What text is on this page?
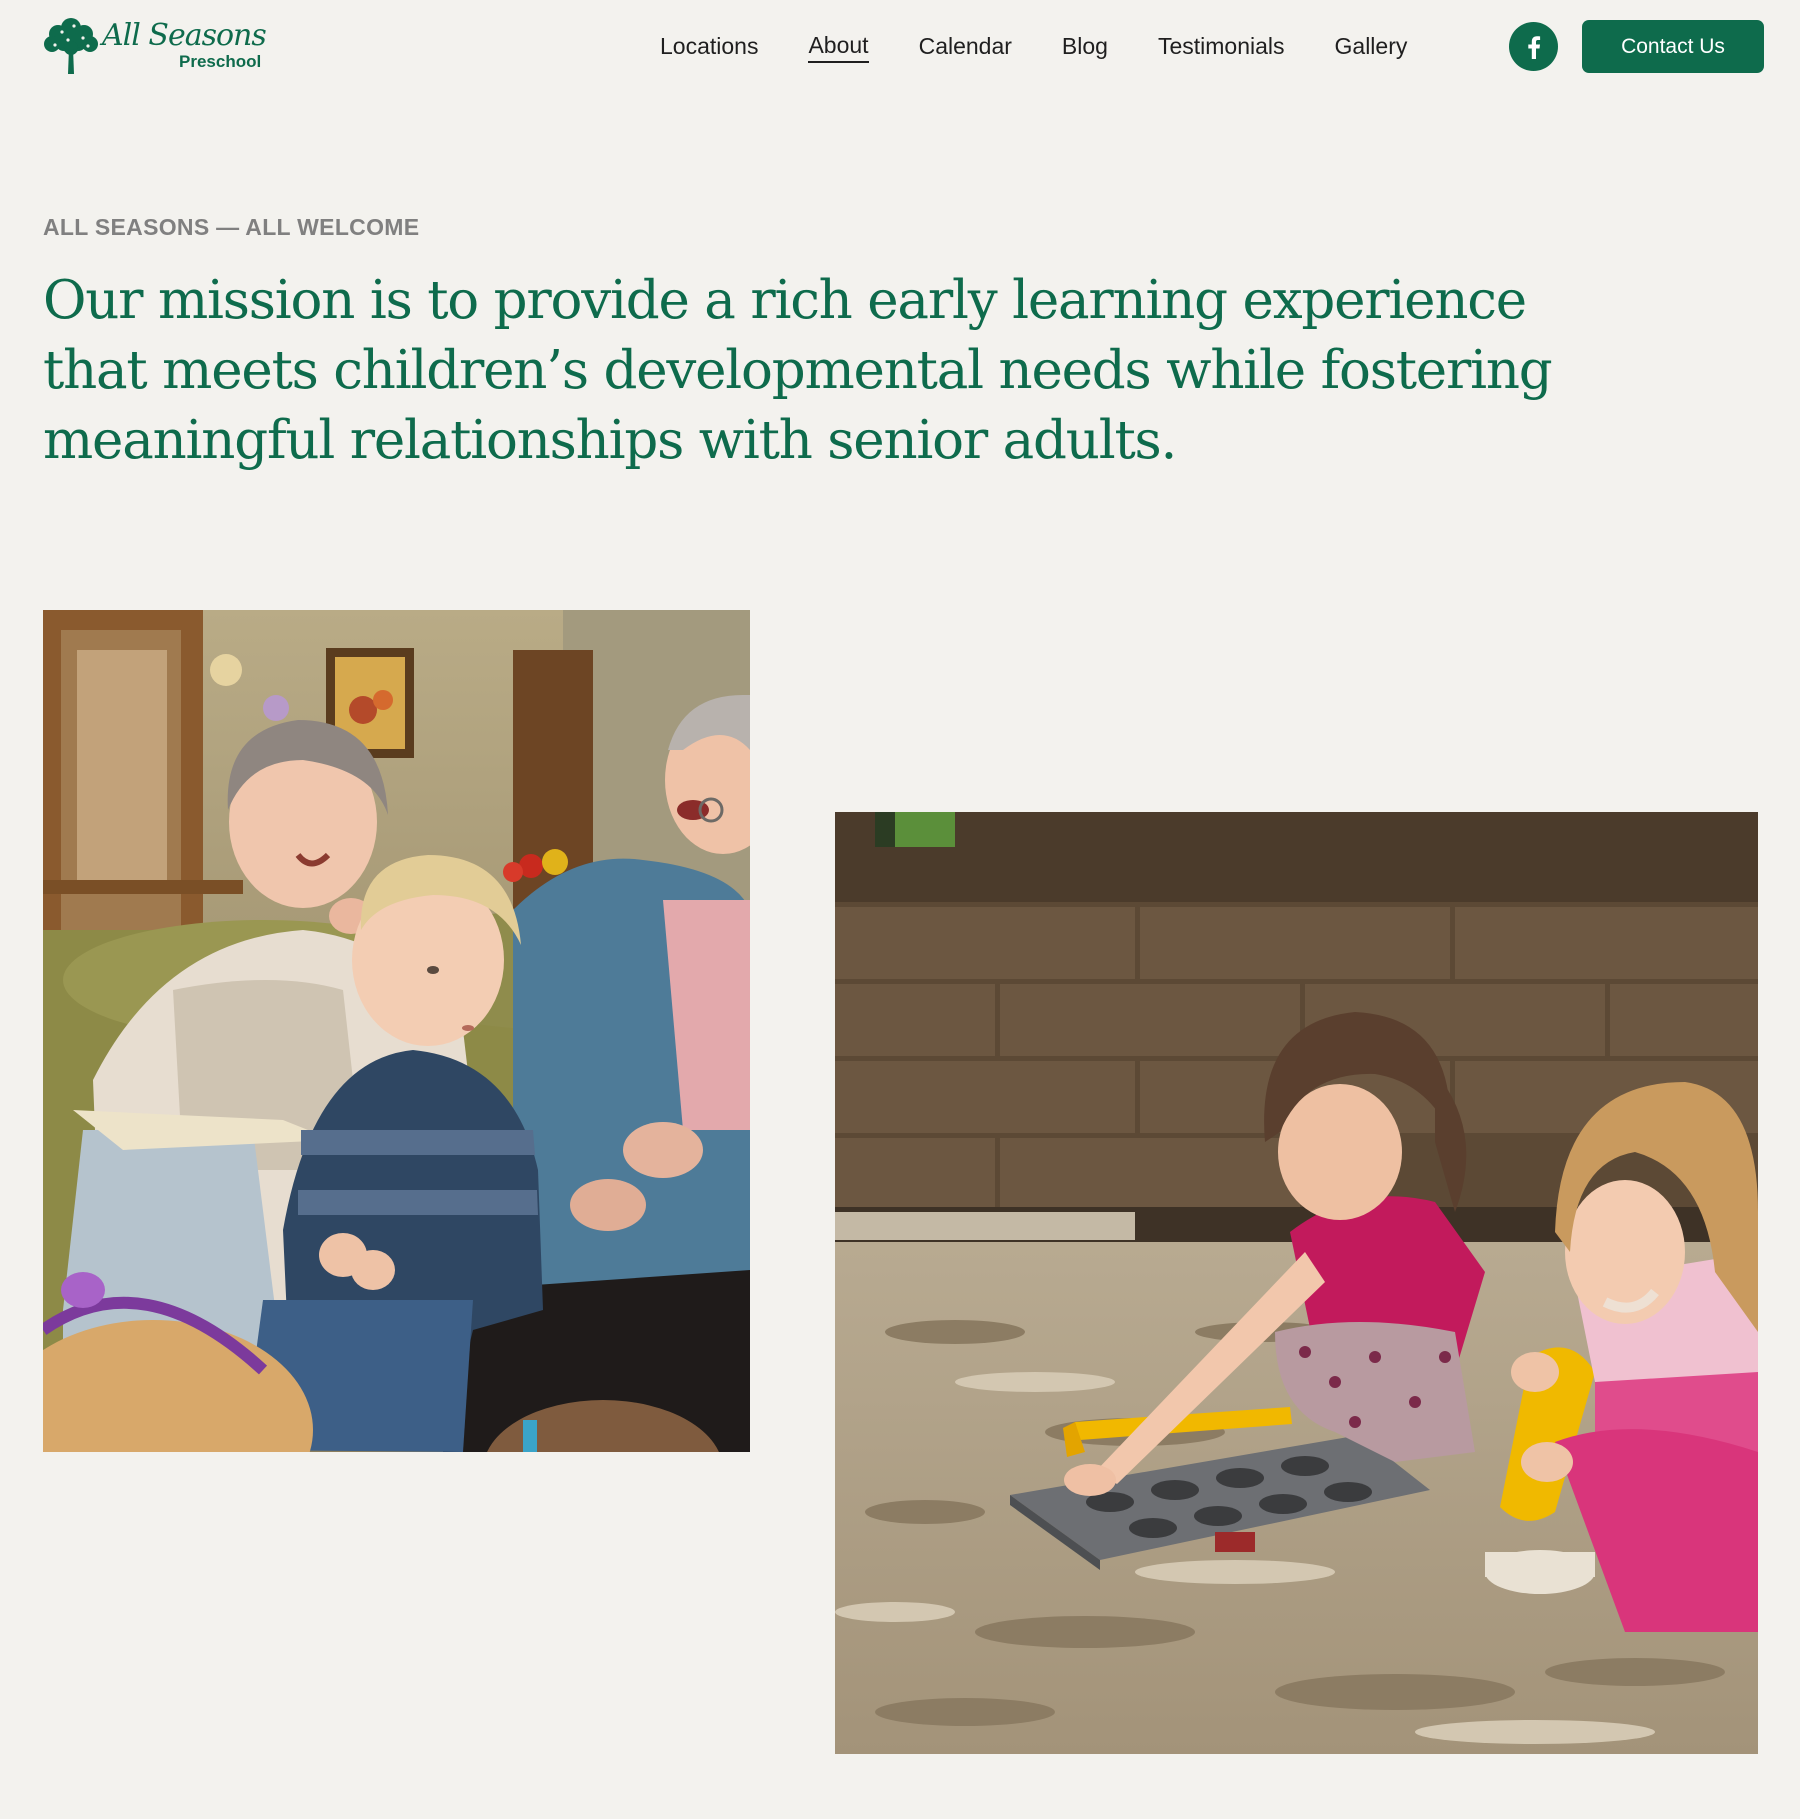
All Seasons
Preschool
Locations About Calendar Blog Testimonials Gallery	Contact Us
ALL SEASONS — ALL WELCOME
Our mission is to provide a rich early learning experience that meets children’s developmental needs while fostering meaningful relationships with senior adults.
